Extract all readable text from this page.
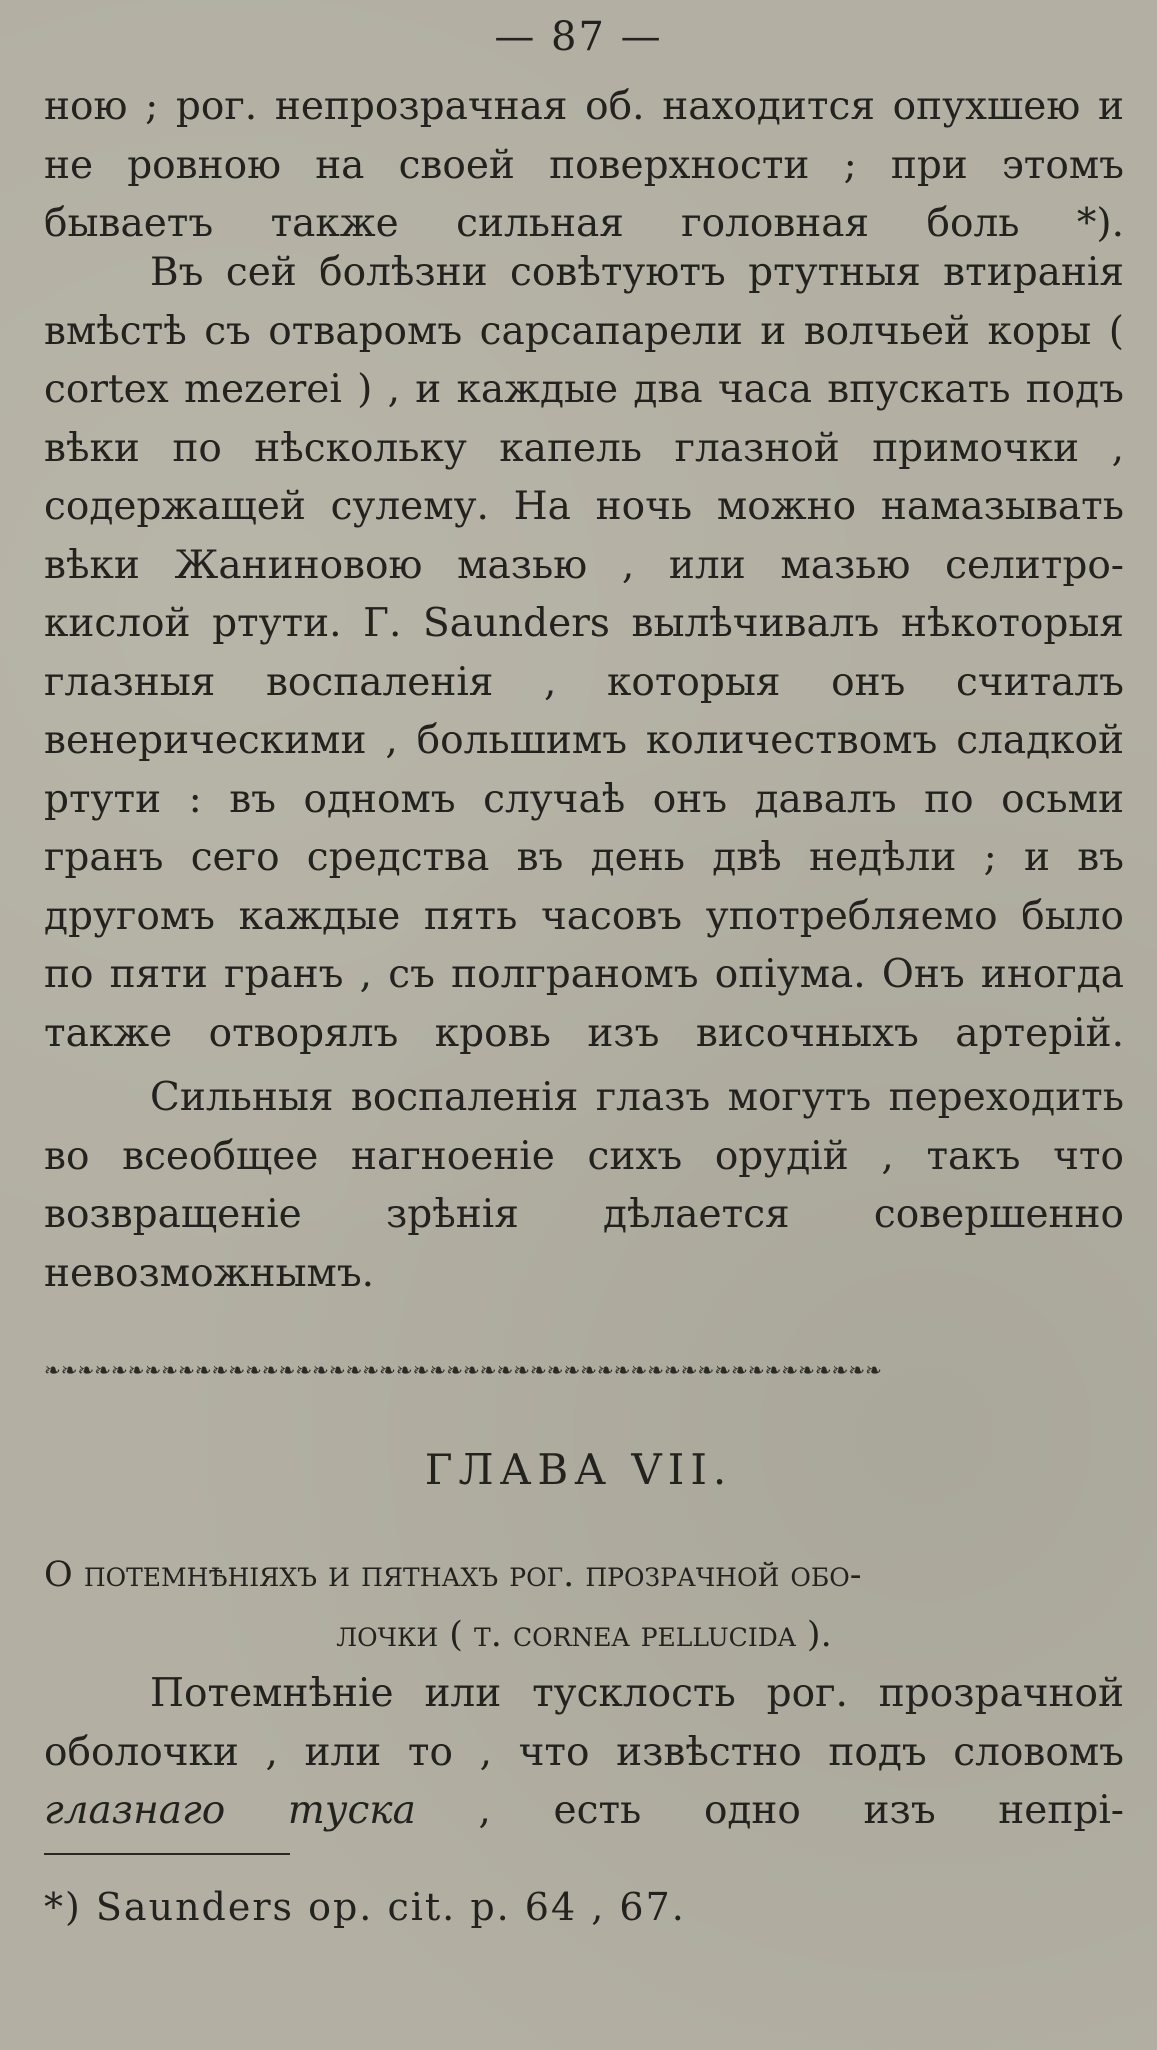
— 87 —

ною ; рог. непрозрачная об. находится опухшею и не ровною на своей поверхности ; при этомъ бываетъ также сильная головная боль *).

Въ сей болѣзни совѣтуютъ ртутныя втиранія вмѣстѣ съ отваромъ сарсапарели и волчьей коры ( cortex mezerei ) , и каждые два часа впускать подъ вѣки по нѣскольку капель глазной примочки , содержащей сулему. На ночь можно намазывать вѣки Жаниновою мазью , или мазью селитро-кислой ртути. Г. Saunders вылѣчивалъ нѣкоторыя глазныя воспаленія , которыя онъ считалъ венерическими , большимъ количествомъ сладкой ртути : въ одномъ случаѣ онъ давалъ по осьми гранъ сего средства въ день двѣ недѣли ; и въ другомъ каждые пять часовъ употребляемо было по пяти гранъ , съ полграномъ опіума. Онъ иногда также отворялъ кровь изъ височныхъ артерій.

Сильныя воспаленія глазъ могутъ переходить во всеобщее нагноеніе сихъ орудій , такъ что возвращеніе зрѣнія дѣлается совершенно невозможнымъ.

❧❧❧❧❧❧❧❧❧❧❧❧❧❧❧❧❧❧❧❧❧❧❧❧❧❧❧❧❧❧❧❧❧❧❧❧❧❧❧❧❧❧❧❧❧❧❧❧❧❧
ГЛАВА VII.
О потемнѣніяхъ и пятнахъ рог. прозрачной обо-
лочки ( т. cornea pellucida ).

Потемнѣніе или тусклость рог. прозрачной оболочки , или то , что извѣстно подъ словомъ глазнаго туска , есть одно изъ непрі-

*) Saunders op. cit. p. 64 , 67.
